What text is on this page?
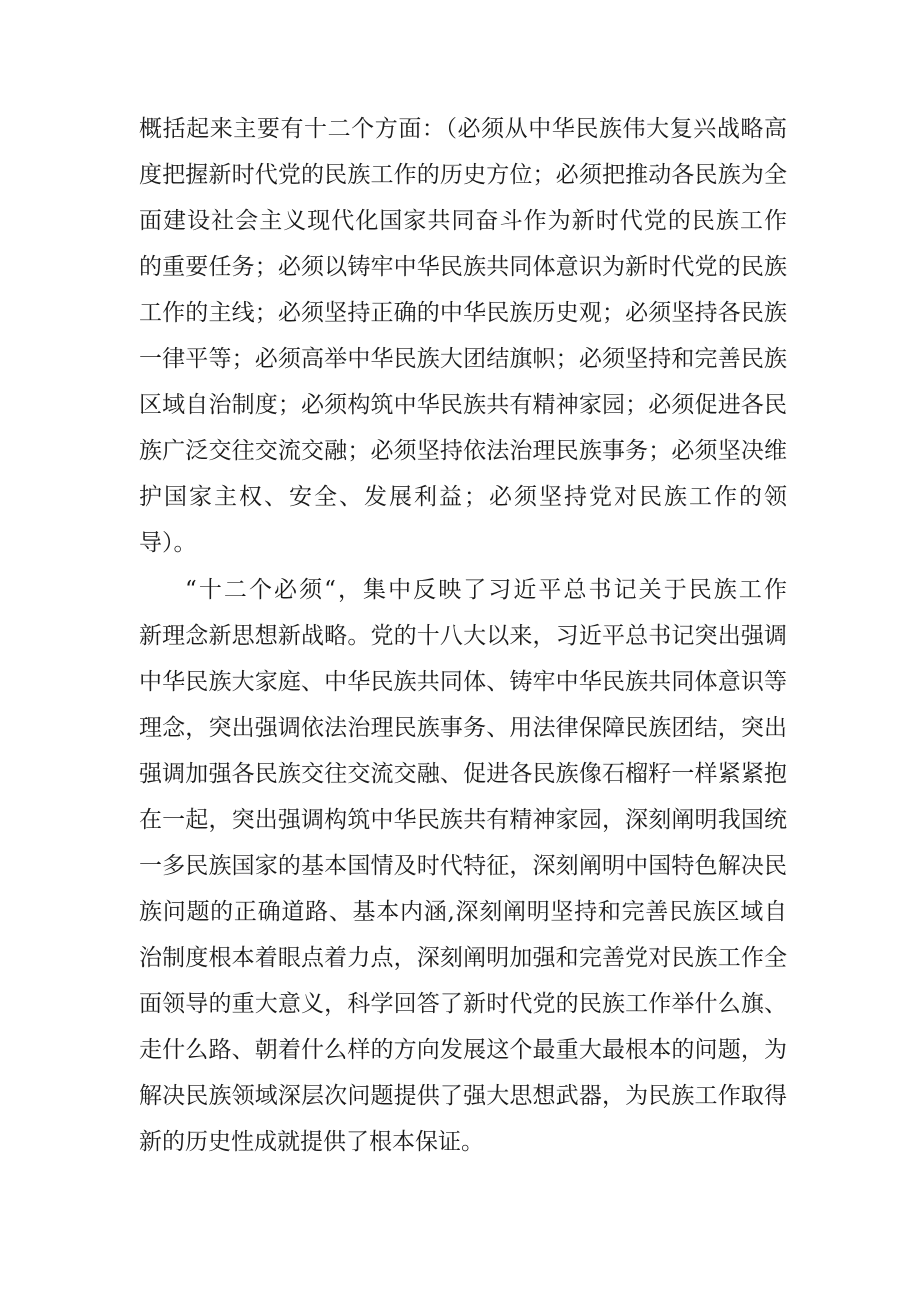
概括起来主要有十二个方面：（必须从中华民族伟大复兴战略高
度把握新时代党的民族工作的历史方位；必须把推动各民族为全
面建设社会主义现代化国家共同奋斗作为新时代党的民族工作
的重要任务；必须以铸牢中华民族共同体意识为新时代党的民族
工作的主线；必须坚持正确的中华民族历史观；必须坚持各民族
一律平等；必须高举中华民族大团结旗帜；必须坚持和完善民族
区域自治制度；必须构筑中华民族共有精神家园；必须促进各民
族广泛交往交流交融；必须坚持依法治理民族事务；必须坚决维
护国家主权、安全、发展利益；必须坚持党对民族工作的领
导）。
“十二个必须“，集中反映了习近平总书记关于民族工作
新理念新思想新战略。党的十八大以来，习近平总书记突出强调
中华民族大家庭、中华民族共同体、铸牢中华民族共同体意识等
理念，突出强调依法治理民族事务、用法律保障民族团结，突出
强调加强各民族交往交流交融、促进各民族像石榴籽一样紧紧抱
在一起，突出强调构筑中华民族共有精神家园，深刻阐明我国统
一多民族国家的基本国情及时代特征，深刻阐明中国特色解决民
族问题的正确道路、基本内涵,深刻阐明坚持和完善民族区域自
治制度根本着眼点着力点，深刻阐明加强和完善党对民族工作全
面领导的重大意义，科学回答了新时代党的民族工作举什么旗、
走什么路、朝着什么样的方向发展这个最重大最根本的问题，为
解决民族领域深层次问题提供了强大思想武器，为民族工作取得
新的历史性成就提供了根本保证。
